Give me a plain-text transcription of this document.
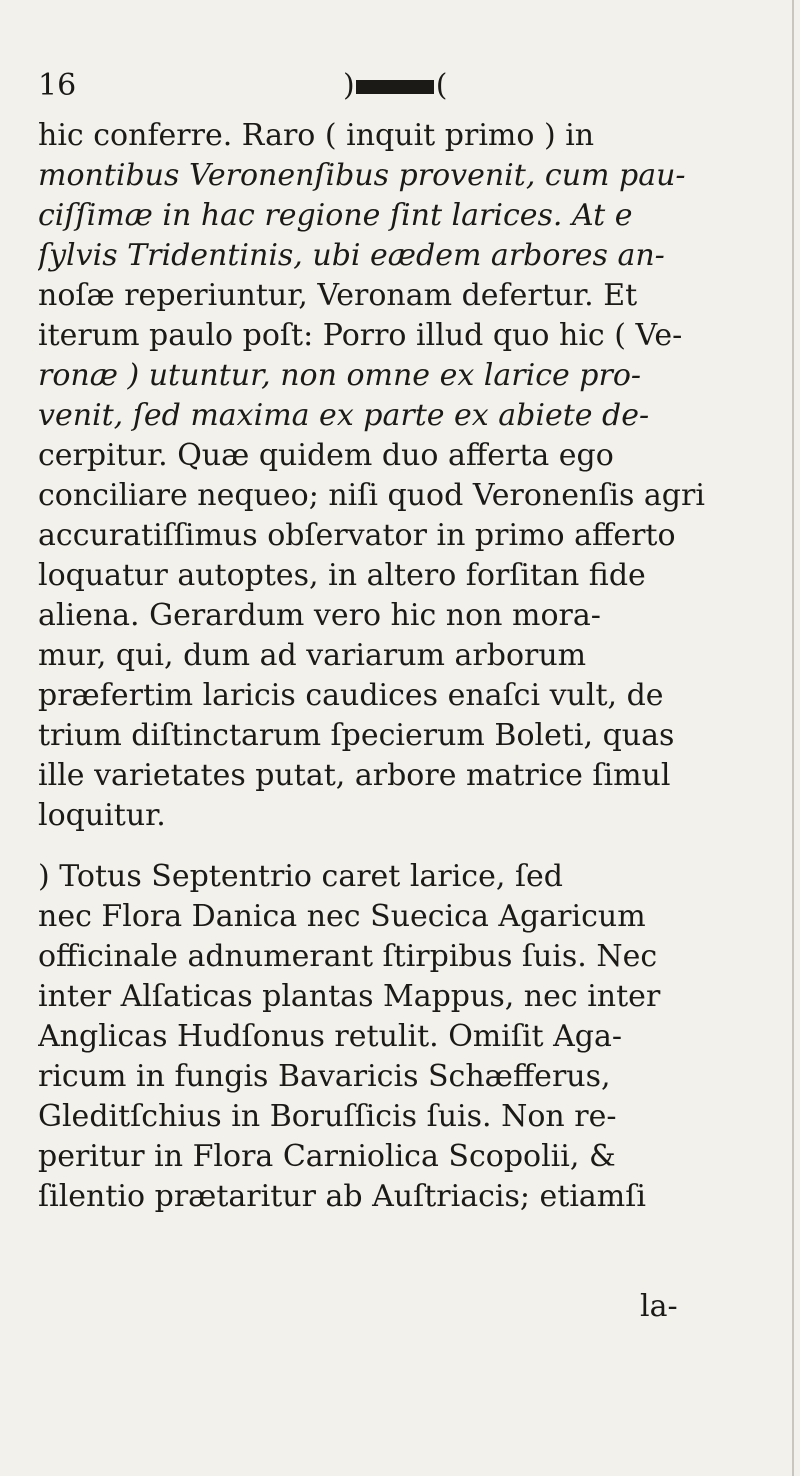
16	)	(
hic conferre. Raro ( inquit primo ) in
montibus Veronenſibus provenit, cum pau-
ciſſimæ in hac regione ſint larices. At e
ſylvis Tridentinis, ubi eædem arbores an-
noſæ reperiuntur, Veronam defertur. Et
iterum paulo poſt: Porro illud quo hic ( Ve-
ronæ ) utuntur, non omne ex larice pro-
venit, ſed maxima ex parte ex abiete de-
cerpitur. Quæ quidem duo afferta ego
conciliare nequeo; niſi quod Veronenſis agri
accuratiſſimus obſervator in primo afferto
loquatur autoptes, in altero forſitan fide
aliena. Gerardum vero hic non mora-
mur, qui, dum ad variarum arborum
præfertim laricis caudices enaſci vult, de
trium diſtinctarum ſpecierum Boleti, quas
ille varietates putat, arbore matrice ſimul
loquitur.
) Totus Septentrio caret larice, ſed
nec Flora Danica nec Suecica Agaricum
officinale adnumerant ſtirpibus ſuis. Nec
inter Alſaticas plantas Mappus, nec inter
Anglicas Hudſonus retulit. Omiſit Aga-
ricum in fungis Bavaricis Schæfferus,
Gleditſchius in Boruſſicis ſuis. Non re-
peritur in Flora Carniolica Scopolii, &
ſilentio prætaritur ab Auſtriacis; etiamſi
la-
